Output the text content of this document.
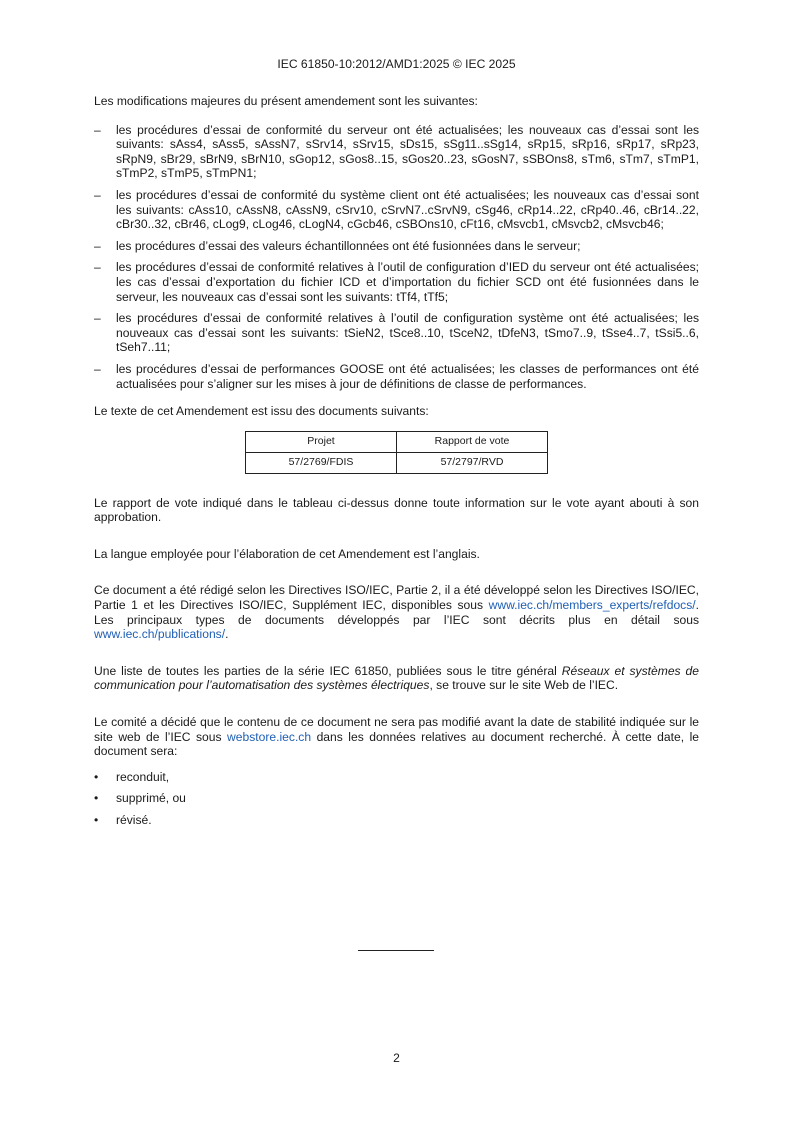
IEC 61850-10:2012/AMD1:2025 © IEC 2025

Les modifications majeures du présent amendement sont les suivantes:

– les procédures d’essai de conformité du serveur ont été actualisées; les nouveaux cas d’essai sont les suivants: sAss4, sAss5, sAssN7, sSrv14, sSrv15, sDs15, sSg11..sSg14, sRp15, sRp16, sRp17, sRp23, sRpN9, sBr29, sBrN9, sBrN10, sGop12, sGos8..15, sGos20..23, sGosN7, sSBOns8, sTm6, sTm7, sTmP1, sTmP2, sTmP5, sTmPN1;
– les procédures d’essai de conformité du système client ont été actualisées; les nouveaux cas d’essai sont les suivants: cAss10, cAssN8, cAssN9, cSrv10, cSrvN7..cSrvN9, cSg46, cRp14..22, cRp40..46, cBr14..22, cBr30..32, cBr46, cLog9, cLog46, cLogN4, cGcb46, cSBOns10, cFt16, cMsvcb1, cMsvcb2, cMsvcb46;
– les procédures d’essai des valeurs échantillonnées ont été fusionnées dans le serveur;
– les procédures d’essai de conformité relatives à l’outil de configuration d’IED du serveur ont été actualisées; les cas d’essai d’exportation du fichier ICD et d’importation du fichier SCD ont été fusionnées dans le serveur, les nouveaux cas d’essai sont les suivants: tTf4, tTf5;
– les procédures d’essai de conformité relatives à l’outil de configuration système ont été actualisées; les nouveaux cas d’essai sont les suivants: tSieN2, tSce8..10, tSceN2, tDfeN3, tSmo7..9, tSse4..7, tSsi5..6, tSeh7..11;
– les procédures d’essai de performances GOOSE ont été actualisées; les classes de performances ont été actualisées pour s’aligner sur les mises à jour de définitions de classe de performances.

Le texte de cet Amendement est issu des documents suivants:

Projet	Rapport de vote
57/2769/FDIS	57/2797/RVD

Le rapport de vote indiqué dans le tableau ci-dessus donne toute information sur le vote ayant abouti à son approbation.

La langue employée pour l’élaboration de cet Amendement est l’anglais.

Ce document a été rédigé selon les Directives ISO/IEC, Partie 2, il a été développé selon les Directives ISO/IEC, Partie 1 et les Directives ISO/IEC, Supplément IEC, disponibles sous www.iec.ch/members_experts/refdocs/. Les principaux types de documents développés par l’IEC sont décrits plus en détail sous www.iec.ch/publications/.

Une liste de toutes les parties de la série IEC 61850, publiées sous le titre général Réseaux et systèmes de communication pour l’automatisation des systèmes électriques, se trouve sur le site Web de l’IEC.

Le comité a décidé que le contenu de ce document ne sera pas modifié avant la date de stabilité indiquée sur le site web de l’IEC sous webstore.iec.ch dans les données relatives au document recherché. À cette date, le document sera:

• reconduit,
• supprimé, ou
• révisé.
2
